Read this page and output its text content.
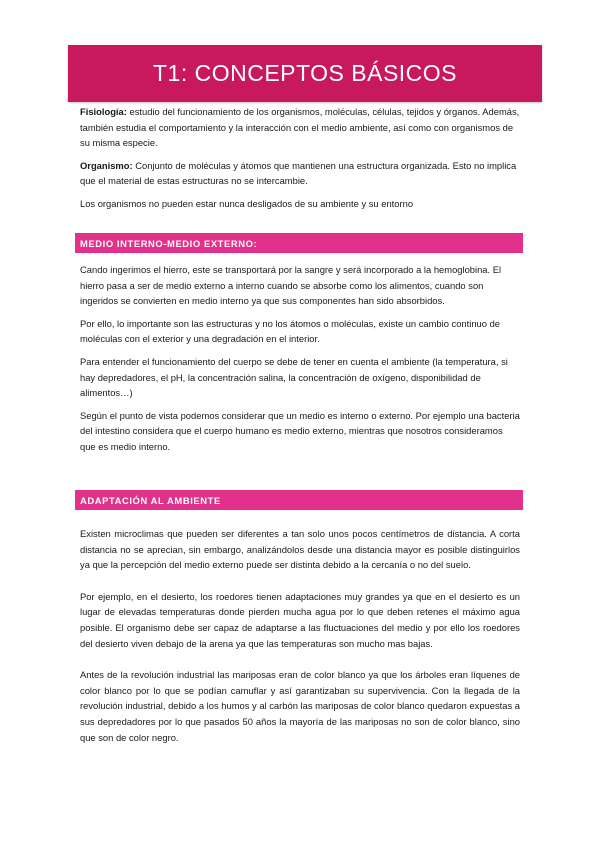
T1: CONCEPTOS BÁSICOS

Fisiología: estudio del funcionamiento de los organismos, moléculas, células, tejidos y órganos. Además, también estudia el comportamiento y la interacción con el medio ambiente, así como con organismos de su misma especie.

Organismo: Conjunto de moléculas y átomos que mantienen una estructura organizada. Esto no implica que el material de estas estructuras no se intercambie.

Los organismos no pueden estar nunca desligados de su ambiente y su entorno

MEDIO INTERNO-MEDIO EXTERNO:

Cando ingerimos el hierro, este se transportará por la sangre y será incorporado a la hemoglobina. El hierro pasa a ser de medio externo a interno cuando se absorbe como los alimentos, cuando son ingeridos se convierten en medio interno ya que sus componentes han sido absorbidos.

Por ello, lo importante son las estructuras y no los átomos o moléculas, existe un cambio continuo de moléculas con el exterior y una degradación en el interior.

Para entender el funcionamiento del cuerpo se debe de tener en cuenta el ambiente (la temperatura, si hay depredadores, el pH, la concentración salina, la concentración de oxígeno, disponibilidad de alimentos…)

Según el punto de vista podemos considerar que un medio es interno o externo. Por ejemplo una bacteria del intestino considera que el cuerpo humano es medio externo, mientras que nosotros consideramos que es medio interno.

ADAPTACIÓN AL AMBIENTE

Existen microclimas que pueden ser diferentes a tan solo unos pocos centímetros de distancia. A corta distancia no se aprecian, sin embargo, analizándolos desde una distancia mayor es posible distinguirlos ya que la percepción del medio externo puede ser distinta debido a la cercanía o no del suelo.

Por ejemplo, en el desierto, los roedores tienen adaptaciones muy grandes ya que en el desierto es un lugar de elevadas temperaturas donde pierden mucha agua por lo que deben retenes el máximo agua posible. El organismo debe ser capaz de adaptarse a las fluctuaciones del medio y por ello los roedores del desierto viven debajo de la arena ya que las temperaturas son mucho mas bajas.

Antes de la revolución industrial las mariposas eran de color blanco ya que los árboles eran líquenes de color blanco por lo que se podían camuflar y así garantizaban su supervivencia. Con la llegada de la revolución industrial, debido a los humos y al carbón las mariposas de color blanco quedaron expuestas a sus depredadores por lo que pasados 50 años la mayoría de las mariposas no son de color blanco, sino que son de color negro.
